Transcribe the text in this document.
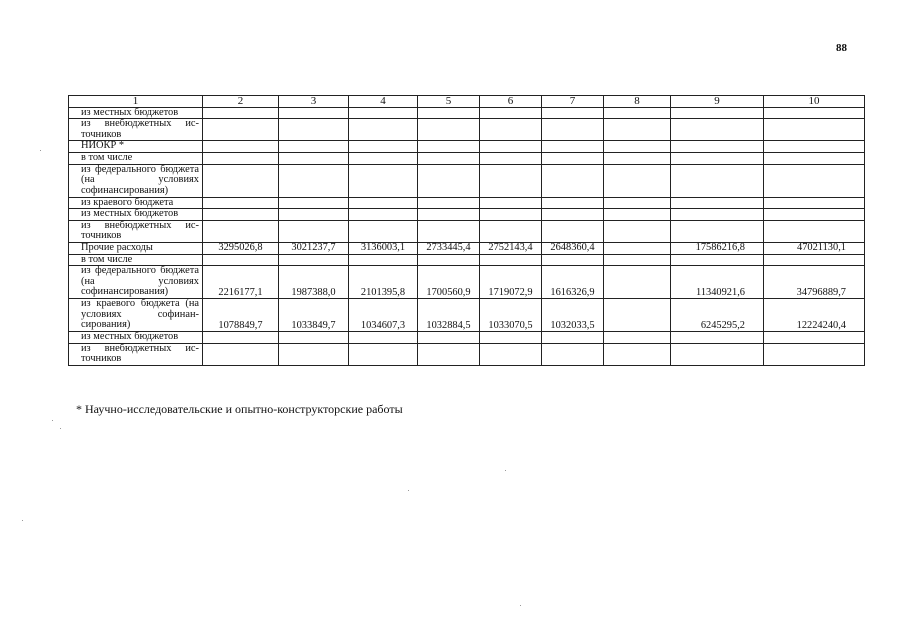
88
1	2	3	4	5	6	7	8	9	10
из местных бюджетов									
из внебюджетных ис- точников									
НИОКР *									
в том числе									
из федерального бюджета (на условиях софинансирования)									
из краевого бюджета									
из местных бюджетов									
из внебюджетных ис- точников									
Прочие расходы	3295026,8	3021237,7	3136003,1	2733445,4	2752143,4	2648360,4		17586216,8	47021130,1
в том числе									
из федерального бюджета (на условиях софинансирования)	2216177,1	1987388,0	2101395,8	1700560,9	1719072,9	1616326,9		11340921,6	34796889,7
из краевого бюджета (на условиях софинан- сирования)	1078849,7	1033849,7	1034607,3	1032884,5	1033070,5	1032033,5		6245295,2	12224240,4
из местных бюджетов									
из внебюджетных ис- точников									
* Научно-исследовательские и опытно-конструкторские работы
